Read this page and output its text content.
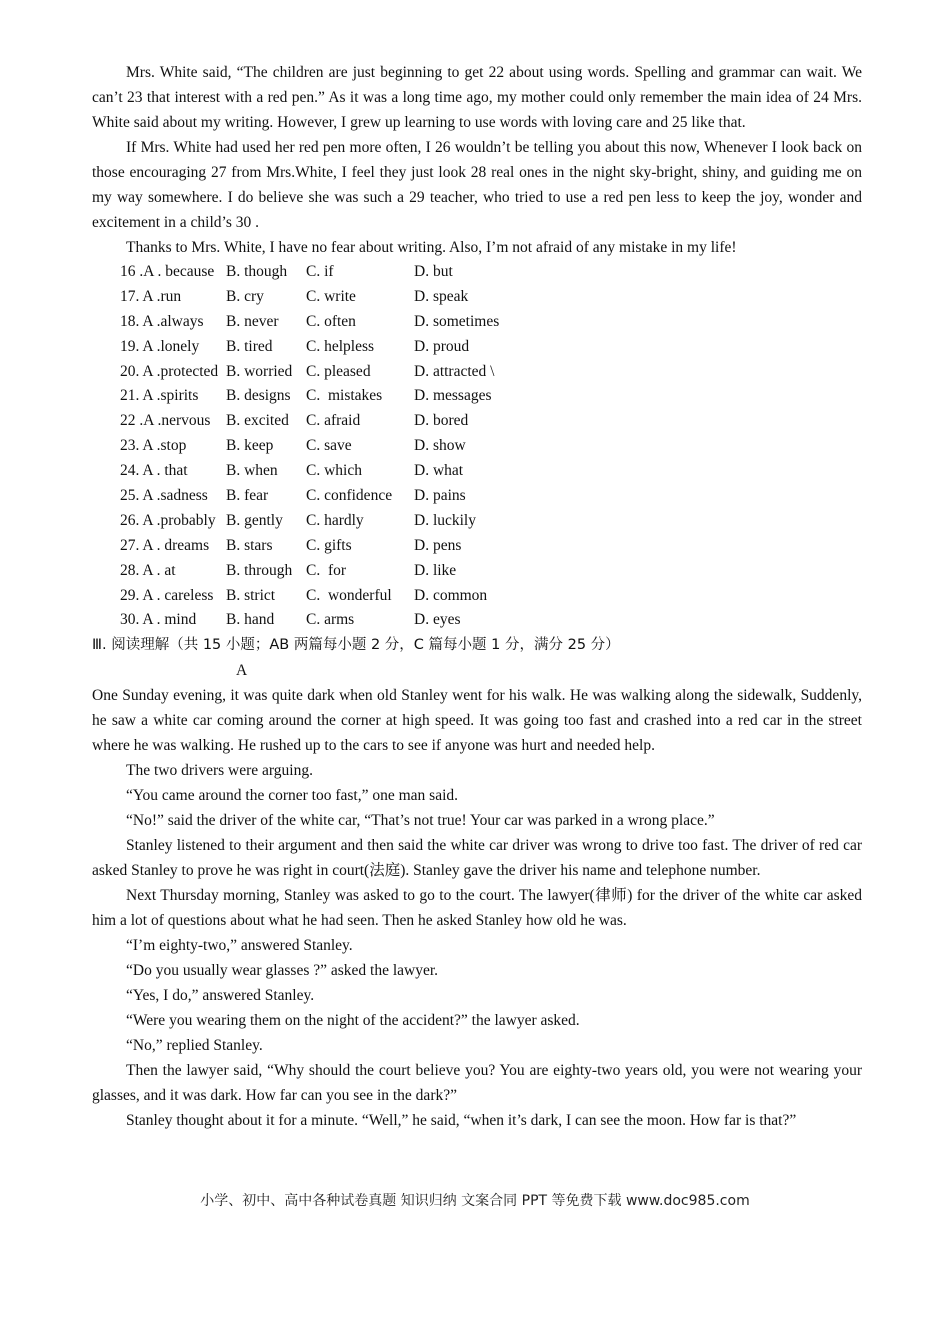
Mrs. White said, “The children are just beginning to get 22 about using words. Spelling and grammar can wait. We can’t 23 that interest with a red pen.” As it was a long time ago, my mother could only remember the main idea of 24 Mrs. White said about my writing. However, I grew up learning to use words with loving care and 25 like that.

If Mrs. White had used her red pen more often, I 26 wouldn’t be telling you about this now, Whenever I look back on those encouraging 27 from Mrs.White, I feel they just look 28 real ones in the night sky-bright, shiny, and guiding me on my way somewhere. I do believe she was such a 29 teacher, who tried to use a red pen less to keep the joy, wonder and excitement in a child’s 30 .

Thanks to Mrs. White, I have no fear about writing. Also, I’m not afraid of any mistake in my life!

16 .A . because B. though	C. if	D. but
17. A .run	B. cry	C. write	D. speak
18. A .always	B. never	C. often	D. sometimes
19. A .lonely	B. tired	C. helpless	D. proud
20. A .protected B. worried C. pleased	D. attracted \
21. A .spirits	B. designs C.  mistakes	D. messages
22 .A .nervous	B. excited	C. afraid	D. bored
23. A .stop	B. keep	C. save	D. show
24. A . that	B. when	C. which	D. what
25. A .sadness	B. fear	C. confidence	D. pains
26. A .probably B. gently	C. hardly	D. luckily
27. A . dreams	B. stars	C. gifts	D. pens
28. A . at	B. through C.  for	D. like
29. A . careless B. strict	C.  wonderful	D. common
30. A . mind	B. hand	C. arms	D. eyes

Ⅲ. 阅读理解（共 15 小题；AB 两篇每小题 2 分，C 篇每小题 1 分，满分 25 分）

A

One Sunday evening, it was quite dark when old Stanley went for his walk. He was walking along the sidewalk, Suddenly, he saw a white car coming around the corner at high speed. It was going too fast and crashed into a red car in the street where he was walking. He rushed up to the cars to see if anyone was hurt and needed help.

The two drivers were arguing.

“You came around the corner too fast,” one man said.

“No!” said the driver of the white car, “That’s not true! Your car was parked in a wrong place.”

Stanley listened to their argument and then said the white car driver was wrong to drive too fast. The driver of red car asked Stanley to prove he was right in court(法庭). Stanley gave the driver his name and telephone number.

Next Thursday morning, Stanley was asked to go to the court. The lawyer(律师) for the driver of the white car asked him a lot of questions about what he had seen. Then he asked Stanley how old he was.

“I’m eighty-two,” answered Stanley.

“Do you usually wear glasses ?” asked the lawyer.

“Yes, I do,” answered Stanley.

“Were you wearing them on the night of the accident?” the lawyer asked.

“No,” replied Stanley.

Then the lawyer said, “Why should the court believe you? You are eighty-two years old, you were not wearing your glasses, and it was dark. How far can you see in the dark?”

Stanley thought about it for a minute. “Well,” he said, “when it’s dark, I can see the moon. How far is that?”

小学、初中、高中各种试卷真题 知识归纳 文案合同 PPT 等免费下载 www.doc985.com
